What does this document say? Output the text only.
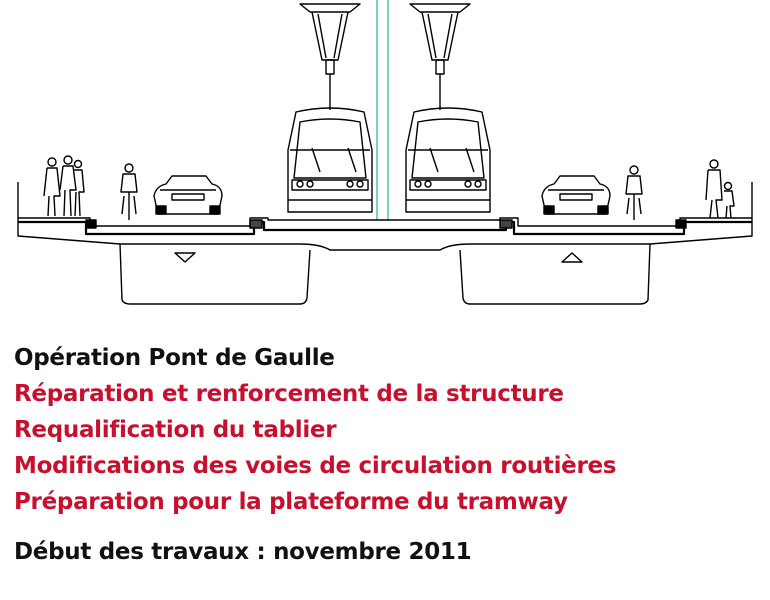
Opération Pont de Gaulle
Réparation et renforcement de la structure
Requalification du tablier
Modifications des voies de circulation routières
Préparation pour la plateforme du tramway
Début des travaux : novembre 2011
